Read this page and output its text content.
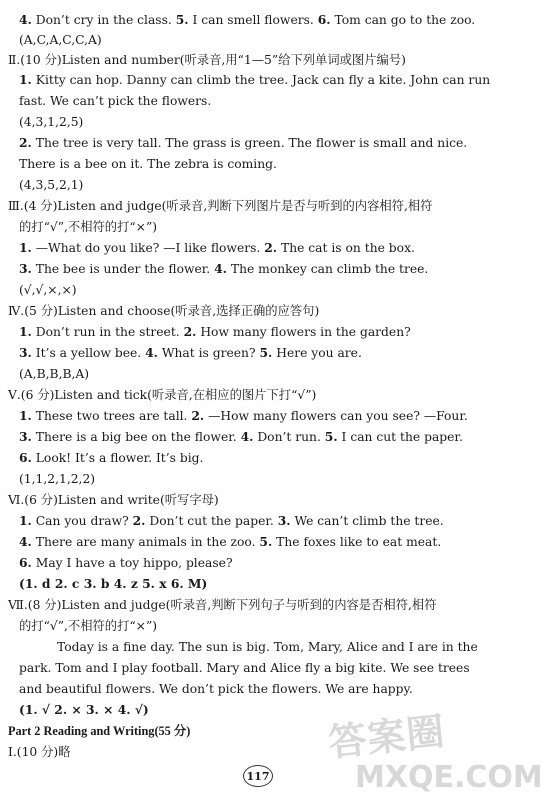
4. Don’t cry in the class. 5. I can smell flowers. 6. Tom can go to the zoo.
(A,C,A,C,C,A)
Ⅱ.(10 分)Listen and number(听录音,用“1—5”给下列单词或图片编号)
1. Kitty can hop. Danny can climb the tree. Jack can fly a kite. John can run
fast. We can’t pick the flowers.
(4,3,1,2,5)
2. The tree is very tall. The grass is green. The flower is small and nice.
There is a bee on it. The zebra is coming.
(4,3,5,2,1)
Ⅲ.(4 分)Listen and judge(听录音,判断下列图片是否与听到的内容相符,相符
的打“√”,不相符的打“×”)
1. —What do you like? —I like flowers. 2. The cat is on the box.
3. The bee is under the flower. 4. The monkey can climb the tree.
(√,√,×,×)
Ⅳ.(5 分)Listen and choose(听录音,选择正确的应答句)
1. Don’t run in the street. 2. How many flowers in the garden?
3. It’s a yellow bee. 4. What is green? 5. Here you are.
(A,B,B,B,A)
Ⅴ.(6 分)Listen and tick(听录音,在相应的图片下打“√”)
1. These two trees are tall. 2. —How many flowers can you see? —Four.
3. There is a big bee on the flower. 4. Don’t run. 5. I can cut the paper.
6. Look! It’s a flower. It’s big.
(1,1,2,1,2,2)
Ⅵ.(6 分)Listen and write(听写字母)
1. Can you draw? 2. Don’t cut the paper. 3. We can’t climb the tree.
4. There are many animals in the zoo. 5. The foxes like to eat meat.
6. May I have a toy hippo, please?
(1. d 2. c 3. b 4. z 5. x 6. M)
Ⅶ.(8 分)Listen and judge(听录音,判断下列句子与听到的内容是否相符,相符
的打“√”,不相符的打“×”)
Today is a fine day. The sun is big. Tom, Mary, Alice and I are in the
park. Tom and I play football. Mary and Alice fly a big kite. We see trees
and beautiful flowers. We don’t pick the flowers. We are happy.
(1. √ 2. × 3. × 4. √)
Part 2 Reading and Writing(55 分)
Ⅰ.(10 分)略
117
答案圈
MXQE.COM
